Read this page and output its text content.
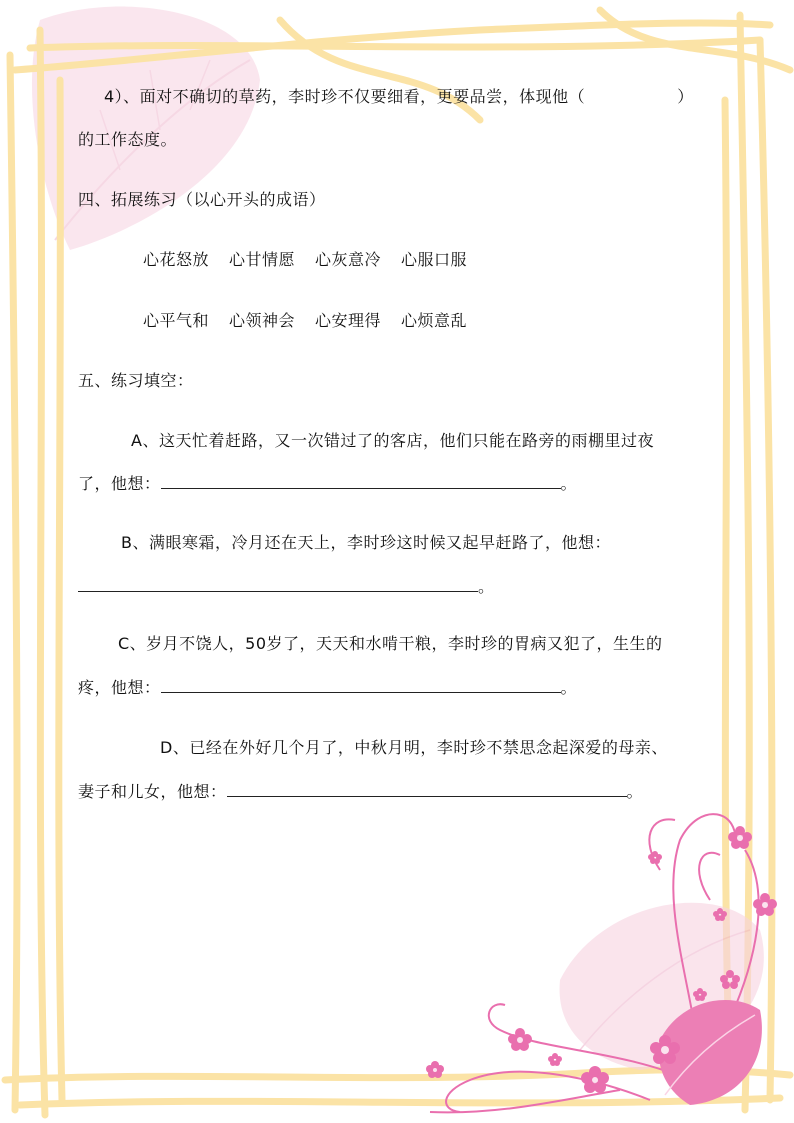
4）、面对不确切的草药，李时珍不仅要细看，更要品尝，体现他（	）
的工作态度。
四、拓展练习（以心开头的成语）
心花怒放 心甘情愿 心灰意冷 心服口服
心平气和 心领神会 心安理得 心烦意乱
五、练习填空：
A、这天忙着赶路，又一次错过了的客店，他们只能在路旁的雨棚里过夜
了，他想：	。
B、满眼寒霜，冷月还在天上，李时珍这时候又起早赶路了，他想：
。
C、岁月不饶人，50岁了，天天和水啃干粮，李时珍的胃病又犯了，生生的
疼，他想：	。
D、已经在外好几个月了，中秋月明，李时珍不禁思念起深爱的母亲、
妻子和儿女，他想：	。
